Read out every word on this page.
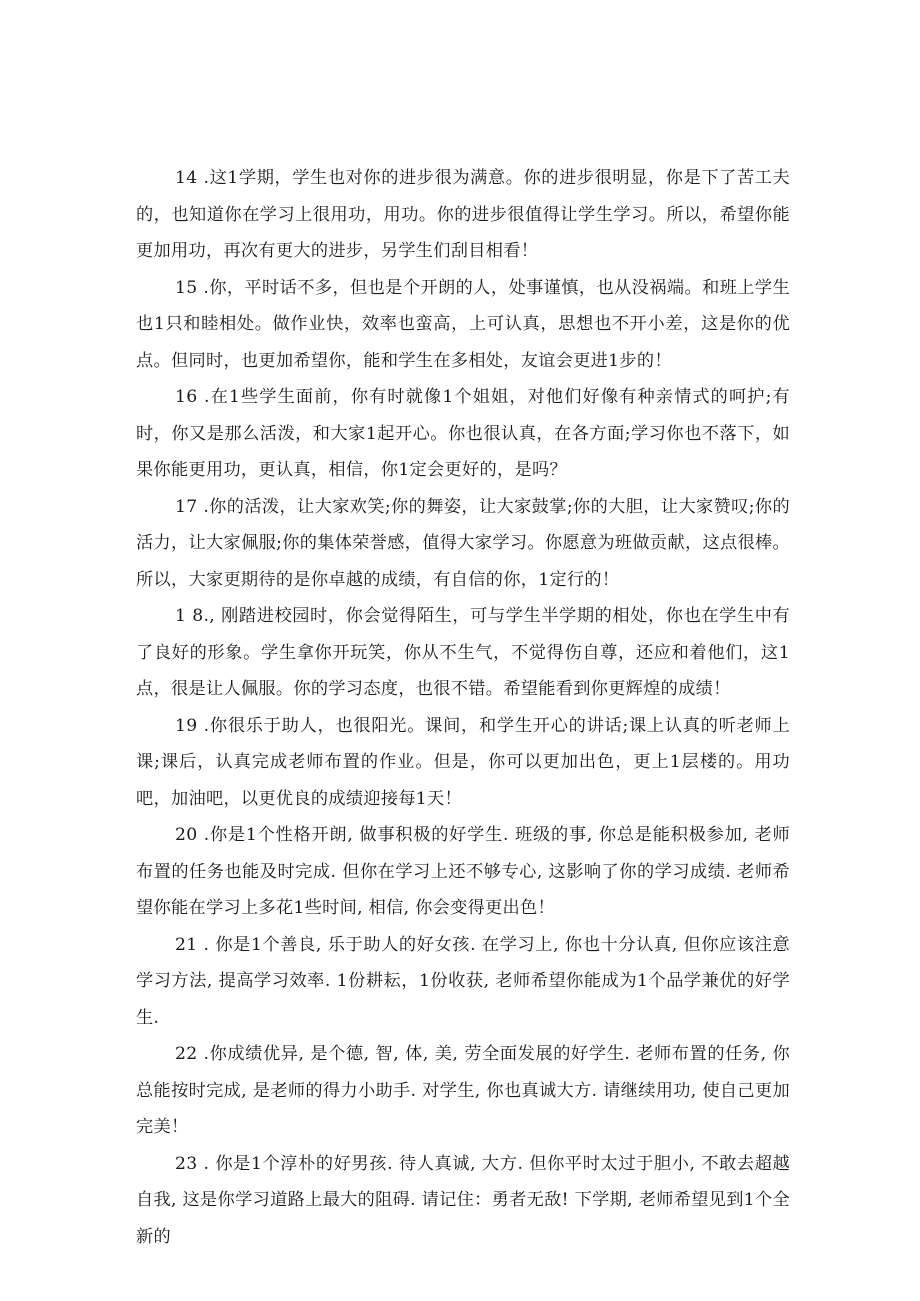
14 .这1学期，学生也对你的进步很为满意。你的进步很明显，你是下了苦工夫的，也知道你在学习上很用功，用功。你的进步很值得让学生学习。所以，希望你能更加用功，再次有更大的进步，另学生们刮目相看！

15 .你，平时话不多，但也是个开朗的人，处事谨慎，也从没祸端。和班上学生也1只和睦相处。做作业快，效率也蛮高，上可认真，思想也不开小差，这是你的优点。但同时，也更加希望你，能和学生在多相处，友谊会更进1步的！

16 .在1些学生面前，你有时就像1个姐姐，对他们好像有种亲情式的呵护;有时，你又是那么活泼，和大家1起开心。你也很认真，在各方面;学习你也不落下，如果你能更用功，更认真，相信，你1定会更好的，是吗？

17 .你的活泼，让大家欢笑;你的舞姿，让大家鼓掌;你的大胆，让大家赞叹;你的活力，让大家佩服;你的集体荣誉感，值得大家学习。你愿意为班做贡献，这点很棒。所以，大家更期待的是你卓越的成绩，有自信的你，1定行的！

1 8., 刚踏进校园时，你会觉得陌生，可与学生半学期的相处，你也在学生中有了良好的形象。学生拿你开玩笑，你从不生气，不觉得伤自尊，还应和着他们，这1点，很是让人佩服。你的学习态度，也很不错。希望能看到你更辉煌的成绩！

19 .你很乐于助人，也很阳光。课间，和学生开心的讲话;课上认真的听老师上课;课后，认真完成老师布置的作业。但是，你可以更加出色，更上1层楼的。用功吧，加油吧，以更优良的成绩迎接每1天！

20 .你是1个性格开朗, 做事积极的好学生. 班级的事, 你总是能积极参加, 老师布置的任务也能及时完成. 但你在学习上还不够专心, 这影响了你的学习成绩. 老师希望你能在学习上多花1些时间, 相信, 你会变得更出色！

21 . 你是1个善良, 乐于助人的好女孩. 在学习上, 你也十分认真, 但你应该注意学习方法, 提高学习效率. 1份耕耘，1份收获, 老师希望你能成为1个品学兼优的好学生.

22 .你成绩优异, 是个德, 智, 体, 美, 劳全面发展的好学生. 老师布置的任务, 你总能按时完成, 是老师的得力小助手. 对学生, 你也真诚大方. 请继续用功, 使自己更加完美！

23 . 你是1个淳朴的好男孩. 待人真诚, 大方. 但你平时太过于胆小, 不敢去超越自我, 这是你学习道路上最大的阻碍. 请记住：勇者无敌! 下学期, 老师希望见到1个全新的
